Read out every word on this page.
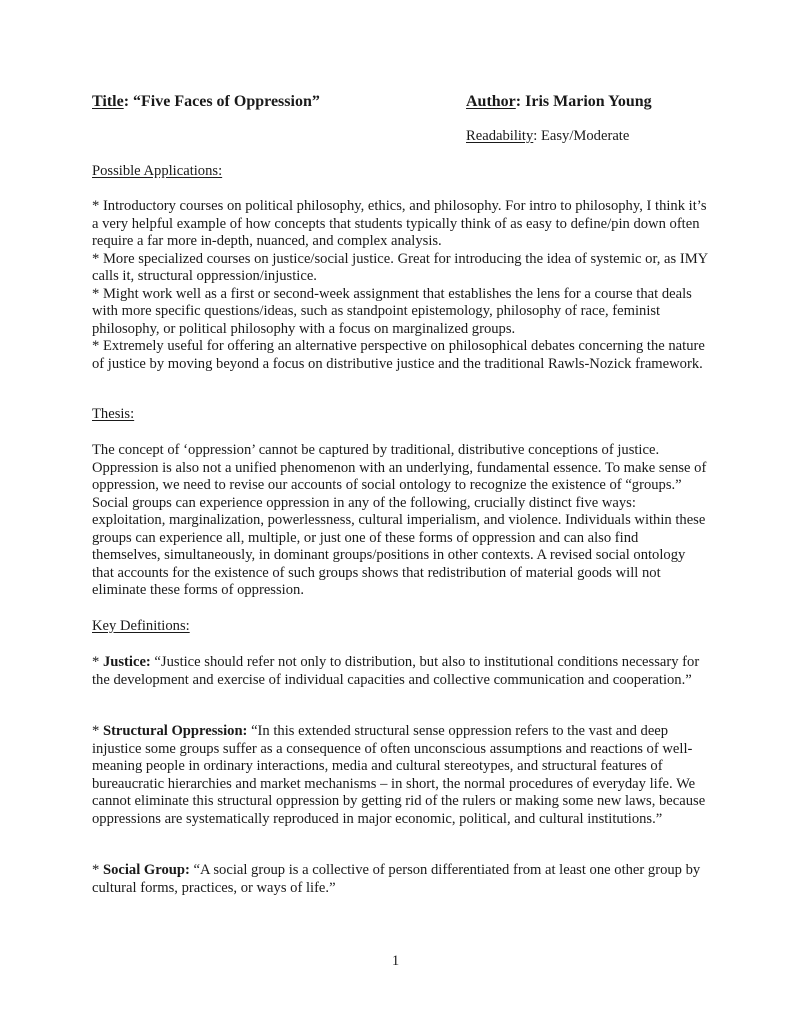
Title: “Five Faces of Oppression”	Author: Iris Marion Young
Readability: Easy/Moderate
Possible Applications:

* Introductory courses on political philosophy, ethics, and philosophy. For intro to philosophy, I think it’s a very helpful example of how concepts that students typically think of as easy to define/pin down often require a far more in-depth, nuanced, and complex analysis.

* More specialized courses on justice/social justice. Great for introducing the idea of systemic or, as IMY calls it, structural oppression/injustice.

* Might work well as a first or second-week assignment that establishes the lens for a course that deals with more specific questions/ideas, such as standpoint epistemology, philosophy of race, feminist philosophy, or political philosophy with a focus on marginalized groups.

* Extremely useful for offering an alternative perspective on philosophical debates concerning the nature of justice by moving beyond a focus on distributive justice and the traditional Rawls-Nozick framework.

Thesis:

The concept of ‘oppression’ cannot be captured by traditional, distributive conceptions of justice. Oppression is also not a unified phenomenon with an underlying, fundamental essence. To make sense of oppression, we need to revise our accounts of social ontology to recognize the existence of “groups.” Social groups can experience oppression in any of the following, crucially distinct five ways: exploitation, marginalization, powerlessness, cultural imperialism, and violence. Individuals within these groups can experience all, multiple, or just one of these forms of oppression and can also find themselves, simultaneously, in dominant groups/positions in other contexts. A revised social ontology that accounts for the existence of such groups shows that redistribution of material goods will not eliminate these forms of oppression.

Key Definitions:

* Justice: “Justice should refer not only to distribution, but also to institutional conditions necessary for the development and exercise of individual capacities and collective communication and cooperation.”

* Structural Oppression: “In this extended structural sense oppression refers to the vast and deep injustice some groups suffer as a consequence of often unconscious assumptions and reactions of well-meaning people in ordinary interactions, media and cultural stereotypes, and structural features of bureaucratic hierarchies and market mechanisms – in short, the normal procedures of everyday life. We cannot eliminate this structural oppression by getting rid of the rulers or making some new laws, because oppressions are systematically reproduced in major economic, political, and cultural institutions.”

* Social Group: “A social group is a collective of person differentiated from at least one other group by cultural forms, practices, or ways of life.”

1
